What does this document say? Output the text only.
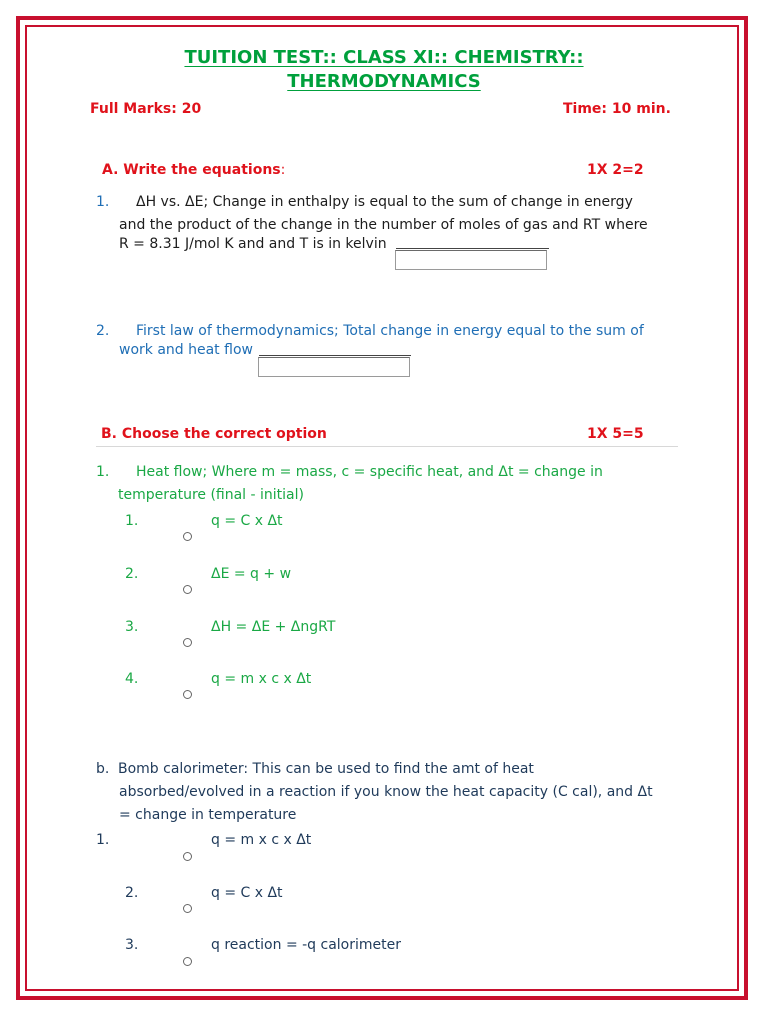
TUITION TEST:: CLASS XI:: CHEMISTRY::
THERMODYNAMICS
Full Marks: 20	Time: 10 min.
A. Write the equations:	1X 2=2
1. ΔH vs. ΔE; Change in enthalpy is equal to the sum of change in energy
and the product of the change in the number of moles of gas and RT where
R = 8.31 J/mol K and and T is in kelvin
2. First law of thermodynamics; Total change in energy equal to the sum of
work and heat flow
B. Choose the correct option	1X 5=5
1. Heat flow; Where m = mass, c = specific heat, and Δt = change in
temperature (final - initial)
1.	q = C x Δt
2.	ΔE = q + w
3.	ΔH = ΔE + ΔngRT
4.	q = m x c x Δt
b. Bomb calorimeter: This can be used to find the amt of heat
absorbed/evolved in a reaction if you know the heat capacity (C cal), and Δt
= change in temperature
1.	q = m x c x Δt
2.	q = C x Δt
3.	q reaction = -q calorimeter
